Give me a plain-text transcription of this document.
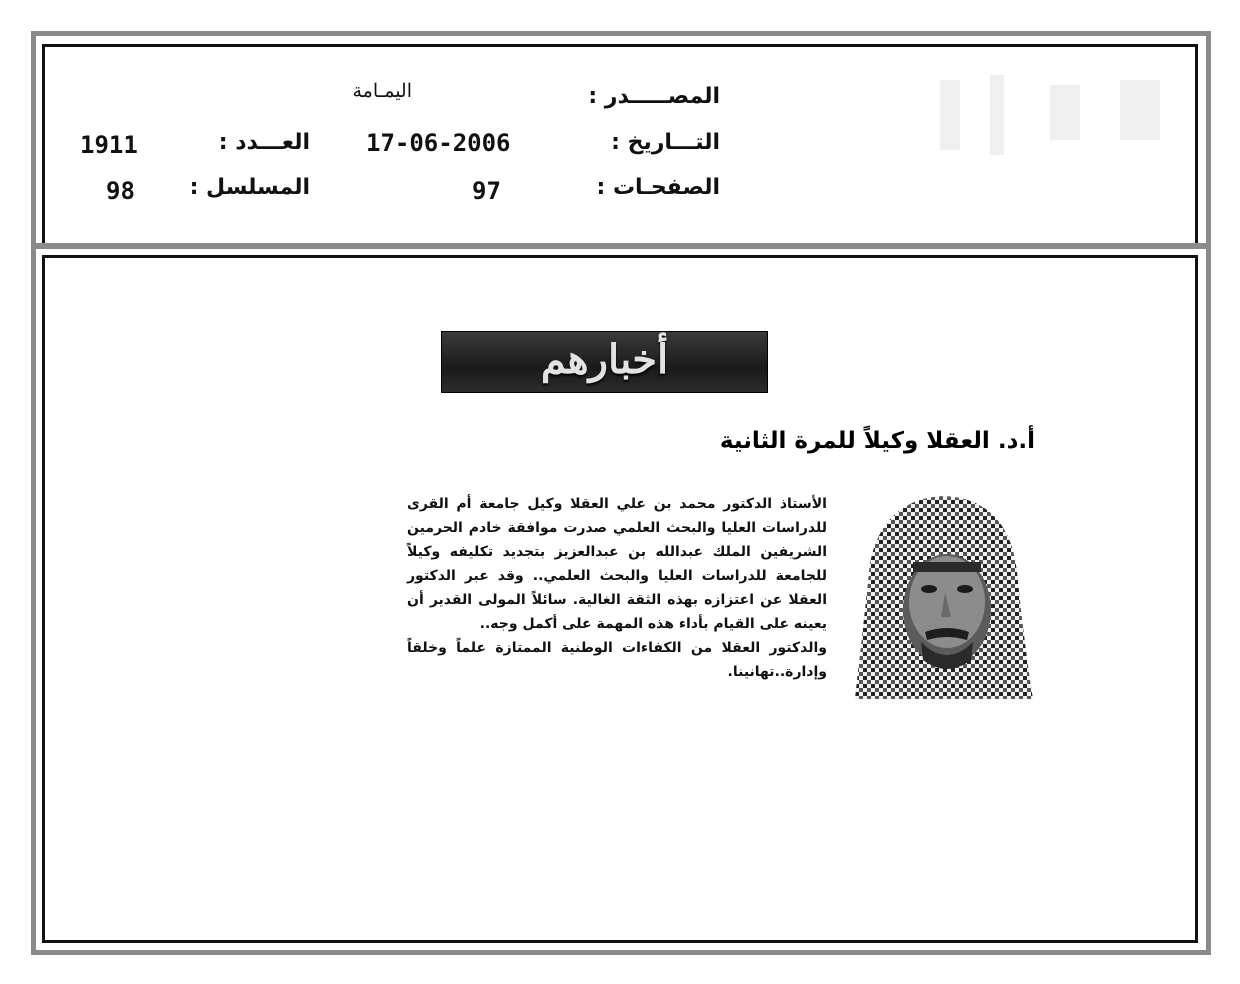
المصـــــدر :
اليمـامة
التـــاريخ :
17-06-2006
العـــدد :
1911
الصفحـات :
97
المسلسل :
98
أخبارهم
أ.د. العقلا وكيلاً للمرة الثانية

الأستاذ الدكتور محمد بن علي العقلا وكيل جامعة أم القرى للدراسات العليا والبحث العلمي صدرت موافقة خادم الحرمين الشريفين الملك عبدالله بن عبدالعزيز بتجديد تكليفه وكيلاً للجامعة للدراسات العليا والبحث العلمي.. وقد عبر الدكتور العقلا عن اعتزازه بهذه الثقة الغالية. سائلاً المولى القدير أن يعينه على القيام بأداء هذه المهمة على أكمل وجه..

والدكتور العقلا من الكفاءات الوطنية الممتازة علماً وخلقاً وإدارة..تهانينا.
